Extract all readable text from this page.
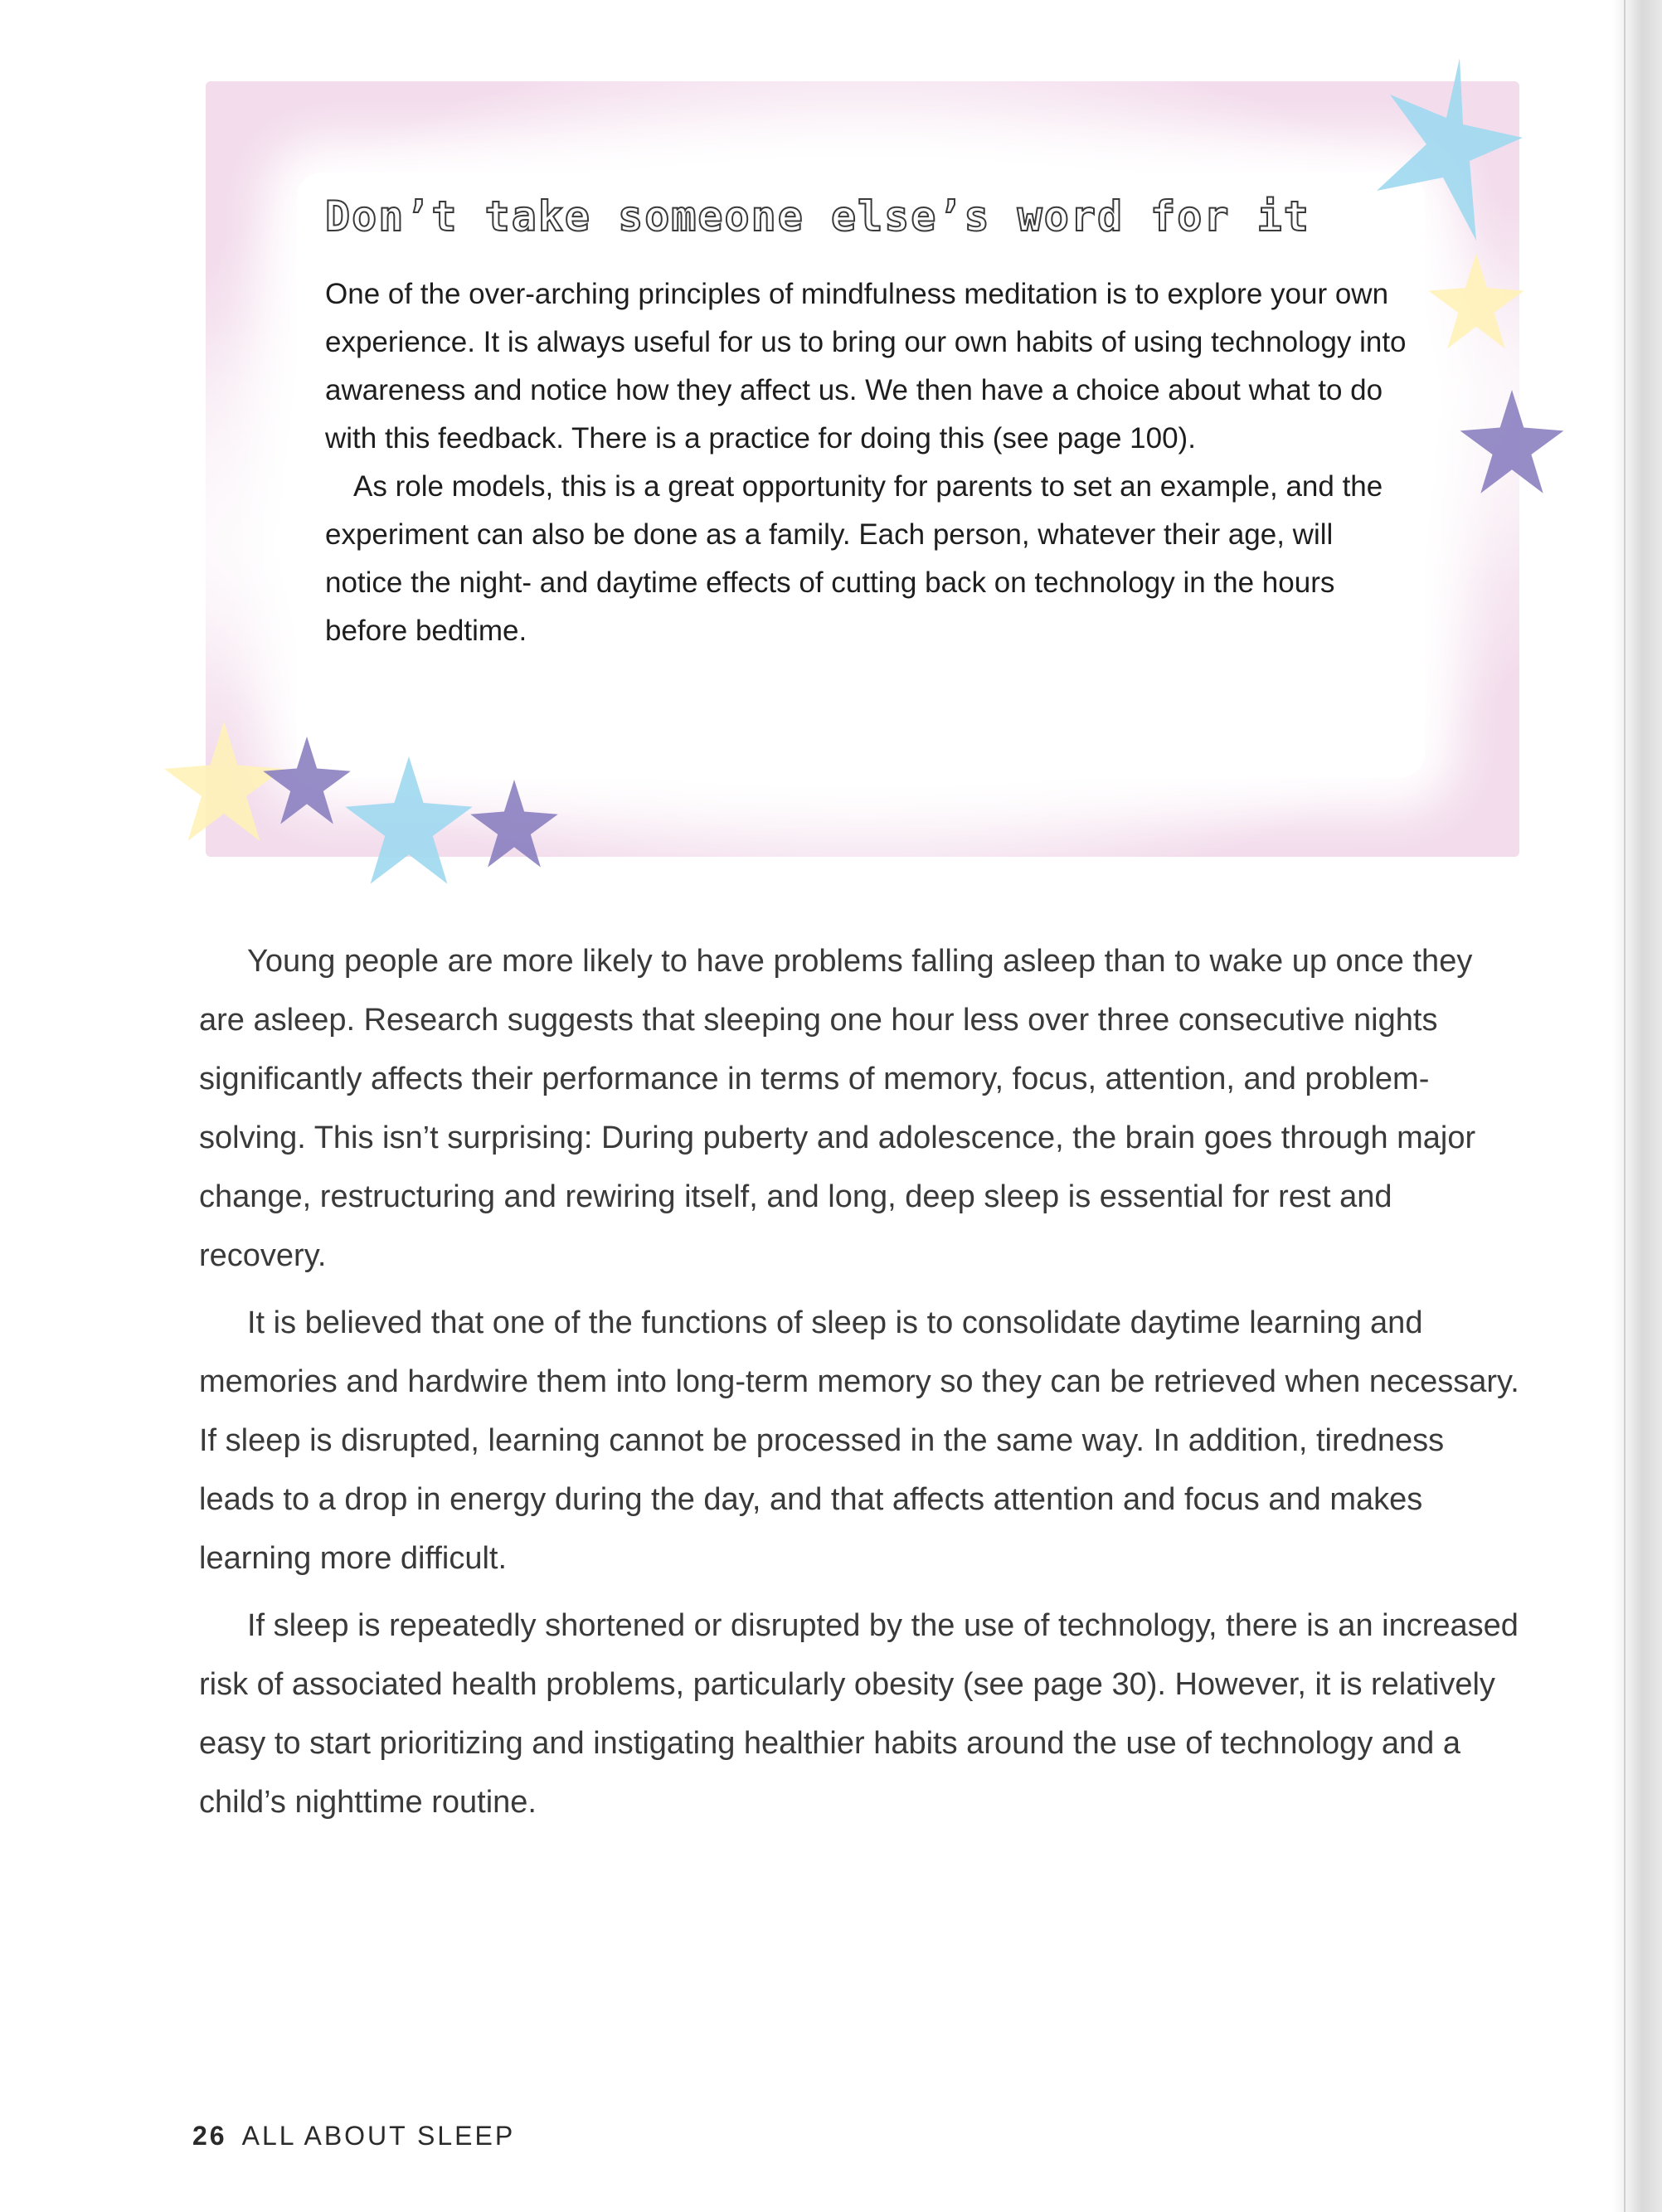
Don’t take someone else’s word for it

One of the over-arching principles of mindfulness meditation is to explore your own experience. It is always useful for us to bring our own habits of using technology into awareness and notice how they affect us. We then have a choice about what to do with this feedback. There is a practice for doing this (see page 100).

As role models, this is a great opportunity for parents to set an example, and the experiment can also be done as a family. Each person, whatever their age, will notice the night- and daytime effects of cutting back on technology in the hours before bedtime.

Young people are more likely to have problems falling asleep than to wake up once they are asleep. Research suggests that sleeping one hour less over three consecutive nights significantly affects their performance in terms of memory, focus, attention, and problem-solving. This isn’t surprising: During puberty and adolescence, the brain goes through major change, restructuring and rewiring itself, and long, deep sleep is essential for rest and recovery.

It is believed that one of the functions of sleep is to consolidate daytime learning and memories and hardwire them into long-term memory so they can be retrieved when necessary. If sleep is disrupted, learning cannot be processed in the same way. In addition, tiredness leads to a drop in energy during the day, and that affects attention and focus and makes learning more difficult.

If sleep is repeatedly shortened or disrupted by the use of technology, there is an increased risk of associated health problems, particularly obesity (see page 30). However, it is relatively easy to start prioritizing and instigating healthier habits around the use of technology and a child’s nighttime routine.

26 ALL ABOUT SLEEP
